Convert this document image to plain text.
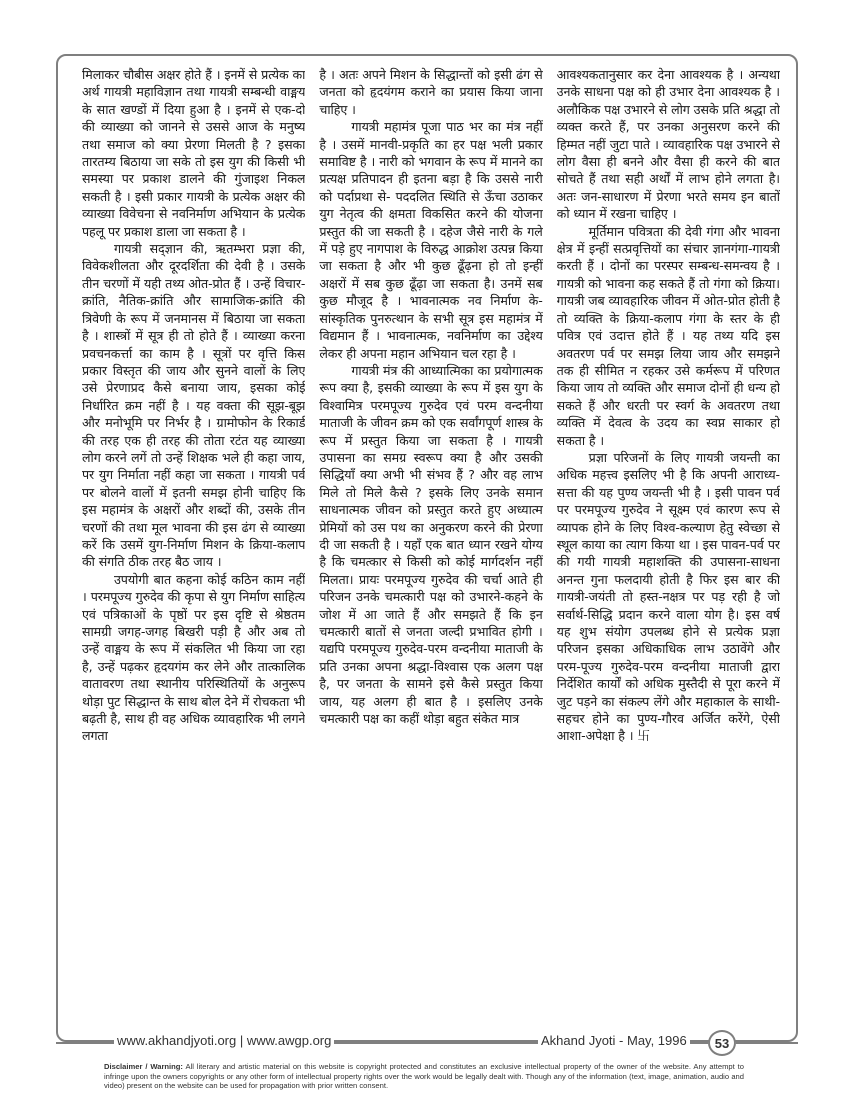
मिलाकर चौबीस अक्षर होते हैं । इनमें से प्रत्येक का अर्थ गायत्री महाविज्ञान तथा गायत्री सम्बन्धी वाङ्मय के सात खण्डों में दिया हुआ है । इनमें से एक-दो की व्याख्या को जानने से उससे आज के मनुष्य तथा समाज को क्या प्रेरणा मिलती है ? इसका तारतम्य बिठाया जा सके तो इस युग की किसी भी समस्या पर प्रकाश डालने की गुंजाइश निकल सकती है । इसी प्रकार गायत्री के प्रत्येक अक्षर की व्याख्या विवेचना से नवनिर्माण अभियान के प्रत्येक पहलू पर प्रकाश डाला जा सकता है ।

गायत्री सद्ज्ञान की, ऋतम्भरा प्रज्ञा की, विवेकशीलता और दूरदर्शिता की देवी है । उसके तीन चरणों में यही तथ्य ओत-प्रोत हैं । उन्हें विचार-क्रांति, नैतिक-क्रांति और सामाजिक-क्रांति की त्रिवेणी के रूप में जनमानस में बिठाया जा सकता है । शास्त्रों में सूत्र ही तो होते हैं । व्याख्या करना प्रवचनकर्त्ता का काम है । सूत्रों पर वृत्ति किस प्रकार विस्तृत की जाय और सुनने वालों के लिए उसे प्रेरणाप्रद कैसे बनाया जाय, इसका कोई निर्धारित क्रम नहीं है । यह वक्ता की सूझ-बूझ और मनोभूमि पर निर्भर है । ग्रामोफोन के रिकार्ड की तरह एक ही तरह की तोता रटंत यह व्याख्या लोग करने लगें तो उन्हें शिक्षक भले ही कहा जाय, पर युग निर्माता नहीं कहा जा सकता । गायत्री पर्व पर बोलने वालों में इतनी समझ होनी चाहिए कि इस महामंत्र के अक्षरों और शब्दों की, उसके तीन चरणों की तथा मूल भावना की इस ढंग से व्याख्या करें कि उसमें युग-निर्माण मिशन के क्रिया-कलाप की संगति ठीक तरह बैठ जाय ।

उपयोगी बात कहना कोई कठिन काम नहीं । परमपूज्य गुरुदेव की कृपा से युग निर्माण साहित्य एवं पत्रिकाओं के पृष्ठों पर इस दृष्टि से श्रेष्ठतम सामग्री जगह-जगह बिखरी पड़ी है और अब तो उन्हें वाङ्मय के रूप में संकलित भी किया जा रहा है, उन्हें पढ़कर हृदयगंम कर लेने और तात्कालिक वातावरण तथा स्थानीय परिस्थितियों के अनुरूप थोड़ा पुट सिद्धान्त के साथ बोल देने में रोचकता भी बढ़ती है, साथ ही वह अधिक व्यावहारिक भी लगने लगता

है । अतः अपने मिशन के सिद्धान्तों को इसी ढंग से जनता को हृदयंगम कराने का प्रयास किया जाना चाहिए ।

गायत्री महामंत्र पूजा पाठ भर का मंत्र नहीं है । उसमें मानवी-प्रकृति का हर पक्ष भली प्रकार समाविष्ट है । नारी को भगवान के रूप में मानने का प्रत्यक्ष प्रतिपादन ही इतना बड़ा है कि उससे नारी को पर्दाप्रथा से- पददलित स्थिति से ऊँचा उठाकर युग नेतृत्व की क्षमता विकसित करने की योजना प्रस्तुत की जा सकती है । दहेज जैसे नारी के गले में पड़े हुए नागपाश के विरुद्ध आक्रोश उत्पन्न किया जा सकता है और भी कुछ ढूँढ़ना हो तो इन्हीं अक्षरों में सब कुछ ढूँढ़ा जा सकता है। उनमें सब कुछ मौजूद है । भावनात्मक नव निर्माण के- सांस्कृतिक पुनरुत्थान के सभी सूत्र इस महामंत्र में विद्यमान हैं । भावनात्मक, नवनिर्माण का उद्देश्य लेकर ही अपना महान अभियान चल रहा है ।

गायत्री मंत्र की आध्यात्मिका का प्रयोगात्मक रूप क्या है, इसकी व्याख्या के रूप में इस युग के विश्वामित्र परमपूज्य गुरुदेव एवं परम वन्दनीया माताजी के जीवन क्रम को एक सर्वांगपूर्ण शास्त्र के रूप में प्रस्तुत किया जा सकता है । गायत्री उपासना का समग्र स्वरूप क्या है और उसकी सिद्धियाँ क्या अभी भी संभव हैं ? और वह लाभ मिले तो मिले कैसे ? इसके लिए उनके समान साधनात्मक जीवन को प्रस्तुत करते हुए अध्यात्म प्रेमियों को उस पथ का अनुकरण करने की प्रेरणा दी जा सकती है । यहाँ एक बात ध्यान रखने योग्य है कि चमत्कार से किसी को कोई मार्गदर्शन नहीं मिलता। प्रायः परमपूज्य गुरुदेव की चर्चा आते ही परिजन उनके चमत्कारी पक्ष को उभारने-कहने के जोश में आ जाते हैं और समझते हैं कि इन चमत्कारी बातों से जनता जल्दी प्रभावित होगी । यद्यपि परमपूज्य गुरुदेव-परम वन्दनीया माताजी के प्रति उनका अपना श्रद्धा-विश्वास एक अलग पक्ष है, पर जनता के सामने इसे कैसे प्रस्तुत किया जाय, यह अलग ही बात है । इसलिए उनके चमत्कारी पक्ष का कहीं थोड़ा बहुत संकेत मात्र

आवश्यकतानुसार कर देना आवश्यक है । अन्यथा उनके साधना पक्ष को ही उभार देना आवश्यक है । अलौकिक पक्ष उभारने से लोग उसके प्रति श्रद्धा तो व्यक्त करते हैं, पर उनका अनुसरण करने की हिम्मत नहीं जुटा पाते । व्यावहारिक पक्ष उभारने से लोग वैसा ही बनने और वैसा ही करने की बात सोचते हैं तथा सही अर्थों में लाभ होने लगता है। अतः जन-साधारण में प्रेरणा भरते समय इन बातों को ध्यान में रखना चाहिए ।

मूर्तिमान पवित्रता की देवी गंगा और भावना क्षेत्र में इन्हीं सत्प्रवृत्तियों का संचार ज्ञानगंगा-गायत्री करती हैं । दोनों का परस्पर सम्बन्ध-समन्वय है । गायत्री को भावना कह सकते हैं तो गंगा को क्रिया। गायत्री जब व्यावहारिक जीवन में ओत-प्रोत होती है तो व्यक्ति के क्रिया-कलाप गंगा के स्तर के ही पवित्र एवं उदात्त होते हैं । यह तथ्य यदि इस अवतरण पर्व पर समझ लिया जाय और समझने तक ही सीमित न रहकर उसे कर्मरूप में परिणत किया जाय तो व्यक्ति और समाज दोनों ही धन्य हो सकते हैं और धरती पर स्वर्ग के अवतरण तथा व्यक्ति में देवत्व के उदय का स्वप्न साकार हो सकता है ।

प्रज्ञा परिजनों के लिए गायत्री जयन्ती का अधिक महत्त्व इसलिए भी है कि अपनी आराध्य-सत्ता की यह पुण्य जयन्ती भी है । इसी पावन पर्व पर परमपूज्य गुरुदेव ने सूक्ष्म एवं कारण रूप से व्यापक होने के लिए विश्व-कल्याण हेतु स्वेच्छा से स्थूल काया का त्याग किया था । इस पावन-पर्व पर की गयी गायत्री महाशक्ति की उपासना-साधना अनन्त गुना फलदायी होती है फिर इस बार की गायत्री-जयंती तो हस्त-नक्षत्र पर पड़ रही है जो सर्वार्थ-सिद्धि प्रदान करने वाला योग है। इस वर्ष यह शुभ संयोग उपलब्ध होने से प्रत्येक प्रज्ञा परिजन इसका अधिकाधिक लाभ उठावेंगे और परम-पूज्य गुरुदेव-परम वन्दनीया माताजी द्वारा निर्देशित कार्यों को अधिक मुस्तैदी से पूरा करने में जुट पड़ने का संकल्प लेंगे और महाकाल के साथी-सहचर होने का पुण्य-गौरव अर्जित करेंगे, ऐसी आशा-अपेक्षा है । 卐

www.akhandjyoti.org | www.awgp.org	Akhand Jyoti - May, 1996	53
Disclaimer / Warning: All literary and artistic material on this website is copyright protected and constitutes an exclusive intellectual property of the owner of the website. Any attempt to infringe upon the owners copyrights or any other form of intellectual property rights over the work would be legally dealt with. Though any of the information (text, image, animation, audio and video) present on the website can be used for propagation with prior written consent.
